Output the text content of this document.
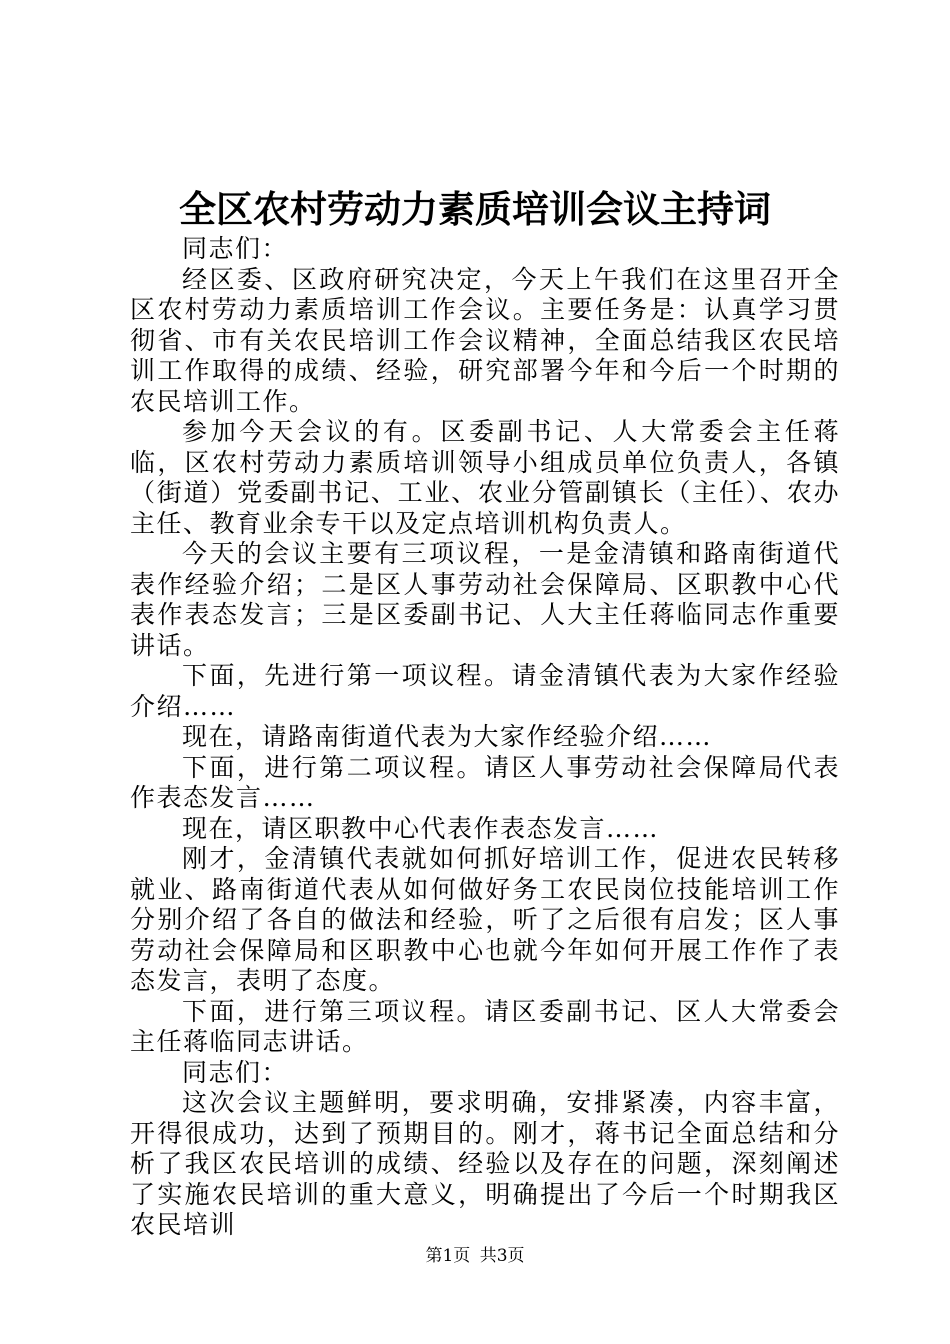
全区农村劳动力素质培训会议主持词

同志们：

经区委、区政府研究决定，今天上午我们在这里召开全区农村劳动力素质培训工作会议。主要任务是：认真学习贯彻省、市有关农民培训工作会议精神，全面总结我区农民培训工作取得的成绩、经验，研究部署今年和今后一个时期的农民培训工作。

参加今天会议的有。区委副书记、人大常委会主任蒋临，区农村劳动力素质培训领导小组成员单位负责人，各镇（街道）党委副书记、工业、农业分管副镇长（主任）、农办主任、教育业余专干以及定点培训机构负责人。

今天的会议主要有三项议程，一是金清镇和路南街道代表作经验介绍；二是区人事劳动社会保障局、区职教中心代表作表态发言；三是区委副书记、人大主任蒋临同志作重要讲话。

下面，先进行第一项议程。请金清镇代表为大家作经验介绍……

现在，请路南街道代表为大家作经验介绍……

下面，进行第二项议程。请区人事劳动社会保障局代表作表态发言……

现在，请区职教中心代表作表态发言……

刚才，金清镇代表就如何抓好培训工作，促进农民转移就业、路南街道代表从如何做好务工农民岗位技能培训工作分别介绍了各自的做法和经验，听了之后很有启发；区人事劳动社会保障局和区职教中心也就今年如何开展工作作了表态发言，表明了态度。

下面，进行第三项议程。请区委副书记、区人大常委会主任蒋临同志讲话。

同志们：

这次会议主题鲜明，要求明确，安排紧凑，内容丰富，开得很成功，达到了预期目的。刚才，蒋书记全面总结和分析了我区农民培训的成绩、经验以及存在的问题，深刻阐述了实施农民培训的重大意义，明确提出了今后一个时期我区农民培训

第1页 共3页
